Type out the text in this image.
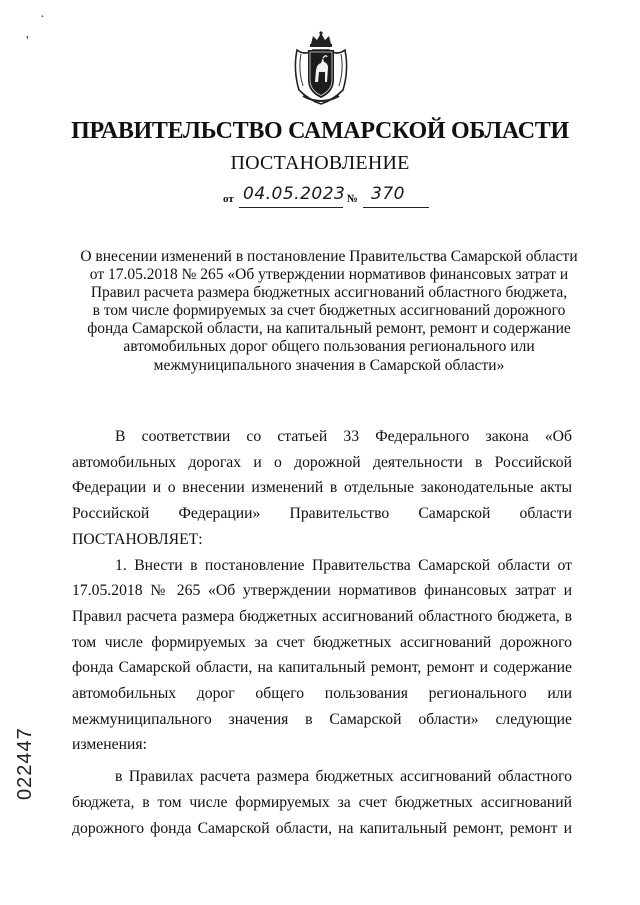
·
'
ПРАВИТЕЛЬСТВО САМАРСКОЙ ОБЛАСТИ
ПОСТАНОВЛЕНИЕ
от 04.05.2023 № 370
О внесении изменений в постановление Правительства Самарской области
от 17.05.2018 № 265 «Об утверждении нормативов финансовых затрат и
Правил расчета размера бюджетных ассигнований областного бюджета,
в том числе формируемых за счет бюджетных ассигнований дорожного
фонда Самарской области, на капитальный ремонт, ремонт и содержание
автомобильных дорог общего пользования регионального или
межмуниципального значения в Самарской области»

В соответствии со статьей 33 Федерального закона «Об автомобильных дорогах и о дорожной деятельности в Российской Федерации и о внесении изменений в отдельные законодательные акты Российской Федерации» Правительство Самарской области

ПОСТАНОВЛЯЕТ:

1. Внести в постановление Правительства Самарской области от 17.05.2018 № 265 «Об утверждении нормативов финансовых затрат и Правил расчета размера бюджетных ассигнований областного бюджета, в том числе формируемых за счет бюджетных ассигнований дорожного фонда Самарской области, на капитальный ремонт, ремонт и содержание автомобильных дорог общего пользования регионального или межмуниципального значения в Самарской области» следующие

изменения:

в Правилах расчета размера бюджетных ассигнований областного бюджета, в том числе формируемых за счет бюджетных ассигнований дорожного фонда Самарской области, на капитальный ремонт, ремонт и

022447
